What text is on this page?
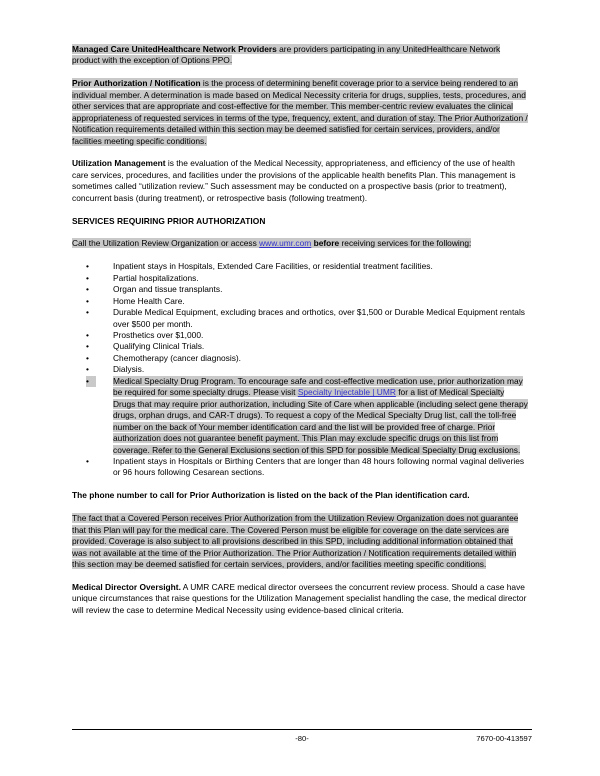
Managed Care UnitedHealthcare Network Providers are providers participating in any UnitedHealthcare Network product with the exception of Options PPO.

Prior Authorization / Notification is the process of determining benefit coverage prior to a service being rendered to an individual member. A determination is made based on Medical Necessity criteria for drugs, supplies, tests, procedures, and other services that are appropriate and cost-effective for the member. This member-centric review evaluates the clinical appropriateness of requested services in terms of the type, frequency, extent, and duration of stay. The Prior Authorization / Notification requirements detailed within this section may be deemed satisfied for certain services, providers, and/or facilities meeting specific conditions.

Utilization Management is the evaluation of the Medical Necessity, appropriateness, and efficiency of the use of health care services, procedures, and facilities under the provisions of the applicable health benefits Plan. This management is sometimes called “utilization review.” Such assessment may be conducted on a prospective basis (prior to treatment), concurrent basis (during treatment), or retrospective basis (following treatment).

SERVICES REQUIRING PRIOR AUTHORIZATION

Call the Utilization Review Organization or access www.umr.com before receiving services for the following:

•	Inpatient stays in Hospitals, Extended Care Facilities, or residential treatment facilities.
•	Partial hospitalizations.
•	Organ and tissue transplants.
•	Home Health Care.
•	Durable Medical Equipment, excluding braces and orthotics, over $1,500 or Durable Medical Equipment rentals over $500 per month.
•	Prosthetics over $1,000.
•	Qualifying Clinical Trials.
•	Chemotherapy (cancer diagnosis).
•	Dialysis.
•	Medical Specialty Drug Program. To encourage safe and cost-effective medication use, prior authorization may be required for some specialty drugs. Please visit Specialty Injectable | UMR for a list of Medical Specialty Drugs that may require prior authorization, including Site of Care when applicable (including select gene therapy drugs, orphan drugs, and CAR-T drugs). To request a copy of the Medical Specialty Drug list, call the toll-free number on the back of Your member identification card and the list will be provided free of charge. Prior authorization does not guarantee benefit payment. This Plan may exclude specific drugs on this list from coverage. Refer to the General Exclusions section of this SPD for possible Medical Specialty Drug exclusions.
•	Inpatient stays in Hospitals or Birthing Centers that are longer than 48 hours following normal vaginal deliveries or 96 hours following Cesarean sections.

The phone number to call for Prior Authorization is listed on the back of the Plan identification card.

The fact that a Covered Person receives Prior Authorization from the Utilization Review Organization does not guarantee that this Plan will pay for the medical care. The Covered Person must be eligible for coverage on the date services are provided. Coverage is also subject to all provisions described in this SPD, including additional information obtained that was not available at the time of the Prior Authorization. The Prior Authorization / Notification requirements detailed within this section may be deemed satisfied for certain services, providers, and/or facilities meeting specific conditions.

Medical Director Oversight. A UMR CARE medical director oversees the concurrent review process. Should a case have unique circumstances that raise questions for the Utilization Management specialist handling the case, the medical director will review the case to determine Medical Necessity using evidence-based clinical criteria.

-80-	7670-00-413597
